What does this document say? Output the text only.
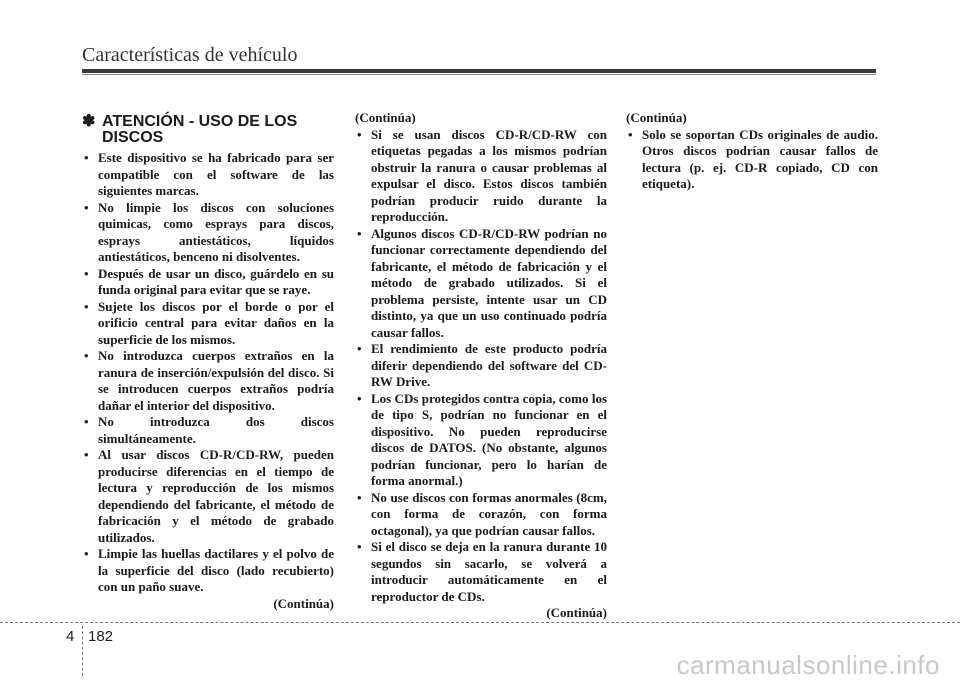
Características de vehículo
✽ ATENCIÓN - USO DE LOS DISCOS
• Este dispositivo se ha fabricado para ser compatible con el software de las siguientes marcas.
• No limpie los discos con soluciones quimicas, como esprays para discos, esprays antiestáticos, líquidos antiestáticos, benceno ni disolventes.
• Después de usar un disco, guárdelo en su funda original para evitar que se raye.
• Sujete los discos por el borde o por el orificio central para evitar daños en la superficie de los mismos.
• No introduzca cuerpos extraños en la ranura de inserción/expulsión del disco. Si se introducen cuerpos extraños podría dañar el interior del dispositivo.
• No introduzca dos discos simultáneamente.
• Al usar discos CD-R/CD-RW, pueden producirse diferencias en el tiempo de lectura y reproducción de los mismos dependiendo del fabricante, el método de fabricación y el método de grabado utilizados.
• Limpie las huellas dactilares y el polvo de la superficie del disco (lado recubierto) con un paño suave.
(Continúa)
(Continúa)
• Si se usan discos CD-R/CD-RW con etiquetas pegadas a los mismos podrían obstruir la ranura o causar problemas al expulsar el disco. Estos discos también podrían producir ruido durante la reproducción.
• Algunos discos CD-R/CD-RW podrían no funcionar correctamente dependiendo del fabricante, el método de fabricación y el método de grabado utilizados. Si el problema persiste, intente usar un CD distinto, ya que un uso continuado podría causar fallos.
• El rendimiento de este producto podría diferir dependiendo del software del CD-RW Drive.
• Los CDs protegidos contra copia, como los de tipo S, podrían no funcionar en el dispositivo. No pueden reproducirse discos de DATOS. (No obstante, algunos podrían funcionar, pero lo harían de forma anormal.)
• No use discos con formas anormales (8cm, con forma de corazón, con forma octagonal), ya que podrían causar fallos.
• Si el disco se deja en la ranura durante 10 segundos sin sacarlo, se volverá a introducir automáticamente en el reproductor de CDs.
(Continúa)
(Continúa)
• Solo se soportan CDs originales de audio. Otros discos podrían causar fallos de lectura (p. ej. CD-R copiado, CD con etiqueta).
4 182
carmanualsonline.info
